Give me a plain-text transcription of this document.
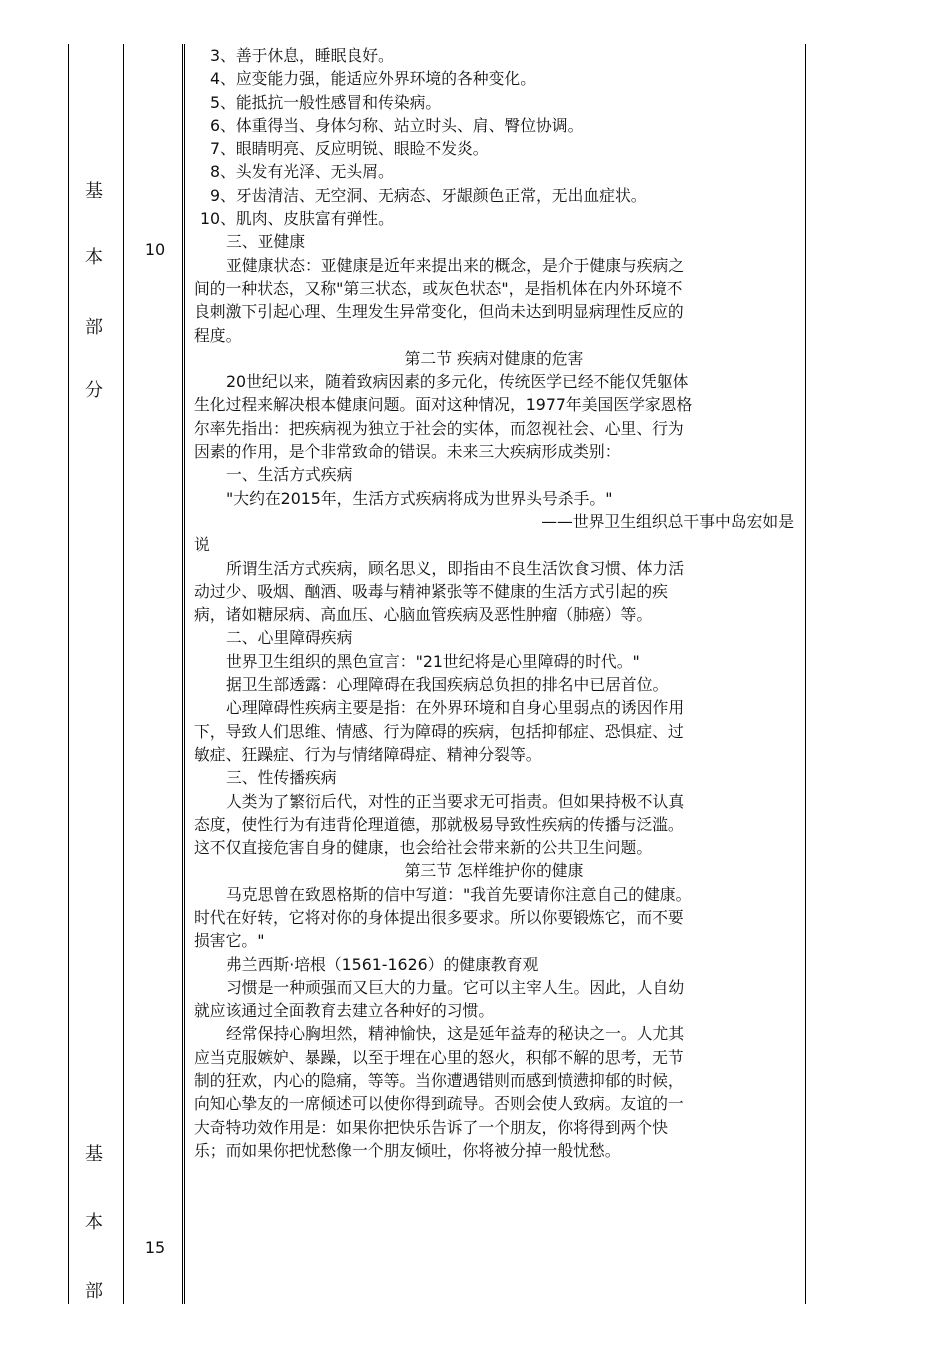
基
本
部
分
基
本
部
10
15
3、善于休息，睡眠良好。
4、应变能力强，能适应外界环境的各种变化。
5、能抵抗一般性感冒和传染病。
6、体重得当、身体匀称、站立时头、肩、臀位协调。
7、眼睛明亮、反应明锐、眼睑不发炎。
8、头发有光泽、无头屑。
9、牙齿清洁、无空洞、无病态、牙龈颜色正常，无出血症状。
10、肌肉、皮肤富有弹性。
三、亚健康
亚健康状态：亚健康是近年来提出来的概念，是介于健康与疾病之
间的一种状态，又称"第三状态，或灰色状态"，是指机体在内外环境不
良刺激下引起心理、生理发生异常变化，但尚未达到明显病理性反应的
程度。
第二节 疾病对健康的危害
20世纪以来，随着致病因素的多元化，传统医学已经不能仅凭躯体
生化过程来解决根本健康问题。面对这种情况，1977年美国医学家恩格
尔率先指出：把疾病视为独立于社会的实体，而忽视社会、心里、行为
因素的作用，是个非常致命的错误。未来三大疾病形成类别：
一、生活方式疾病
"大约在2015年，生活方式疾病将成为世界头号杀手。"
——世界卫生组织总干事中岛宏如是
说
所谓生活方式疾病，顾名思义，即指由不良生活饮食习惯、体力活
动过少、吸烟、酗酒、吸毒与精神紧张等不健康的生活方式引起的疾
病，诸如糖尿病、高血压、心脑血管疾病及恶性肿瘤（肺癌）等。
二、心里障碍疾病
世界卫生组织的黑色宣言："21世纪将是心里障碍的时代。"
据卫生部透露：心理障碍在我国疾病总负担的排名中已居首位。
心理障碍性疾病主要是指：在外界环境和自身心里弱点的诱因作用
下，导致人们思维、情感、行为障碍的疾病，包括抑郁症、恐惧症、过
敏症、狂躁症、行为与情绪障碍症、精神分裂等。
三、性传播疾病
人类为了繁衍后代，对性的正当要求无可指责。但如果持极不认真
态度，使性行为有违背伦理道德，那就极易导致性疾病的传播与泛滥。
这不仅直接危害自身的健康，也会给社会带来新的公共卫生问题。
第三节 怎样维护你的健康
马克思曾在致恩格斯的信中写道："我首先要请你注意自己的健康。
时代在好转，它将对你的身体提出很多要求。所以你要锻炼它，而不要
损害它。"
弗兰西斯·培根（1561-1626）的健康教育观
习惯是一种顽强而又巨大的力量。它可以主宰人生。因此，人自幼
就应该通过全面教育去建立各种好的习惯。
经常保持心胸坦然，精神愉快，这是延年益寿的秘诀之一。人尤其
应当克服嫉妒、暴躁，以至于埋在心里的怒火，积郁不解的思考，无节
制的狂欢，内心的隐痛，等等。当你遭遇错则而感到愤懑抑郁的时候，
向知心挚友的一席倾述可以使你得到疏导。否则会使人致病。友谊的一
大奇特功效作用是：如果你把快乐告诉了一个朋友，你将得到两个快
乐；而如果你把忧愁像一个朋友倾吐，你将被分掉一般忧愁。
